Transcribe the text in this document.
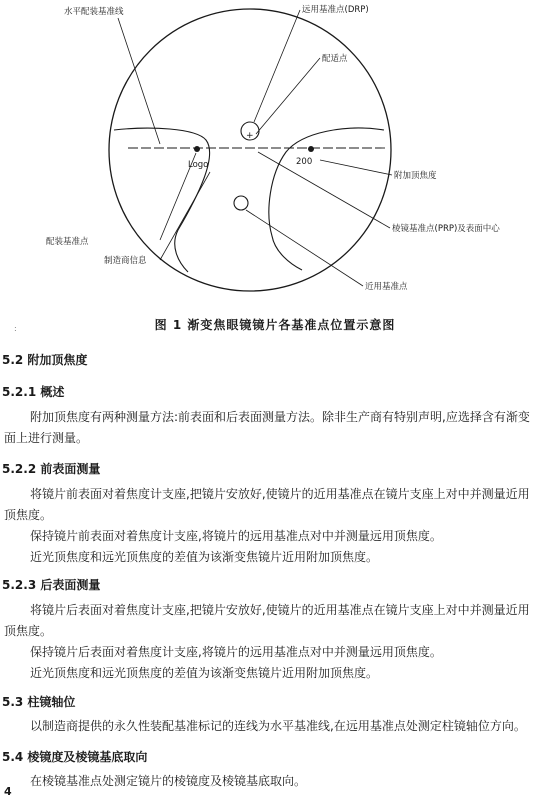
+
水平配装基准线	远用基准点(DRP)
配适点
Logo	200
附加顶焦度
棱镜基准点(PRP)及表面中心
配装基准点
制造商信息
近用基准点
图 1 渐变焦眼镜镜片各基准点位置示意图
:
5.2 附加顶焦度
5.2.1 概述
附加顶焦度有两种测量方法:前表面和后表面测量方法。除非生产商有特别声明,应选择含有渐变
面上进行测量。
5.2.2 前表面测量
将镜片前表面对着焦度计支座,把镜片安放好,使镜片的近用基准点在镜片支座上对中并测量近用
顶焦度。
保持镜片前表面对着焦度计支座,将镜片的远用基准点对中并测量远用顶焦度。
近光顶焦度和远光顶焦度的差值为该渐变焦镜片近用附加顶焦度。
5.2.3 后表面测量
将镜片后表面对着焦度计支座,把镜片安放好,使镜片的近用基准点在镜片支座上对中并测量近用
顶焦度。
保持镜片后表面对着焦度计支座,将镜片的远用基准点对中并测量远用顶焦度。
近光顶焦度和远光顶焦度的差值为该渐变焦镜片近用附加顶焦度。
5.3 柱镜轴位
以制造商提供的永久性装配基准标记的连线为水平基准线,在远用基准点处测定柱镜轴位方向。
5.4 棱镜度及棱镜基底取向
在棱镜基准点处测定镜片的棱镜度及棱镜基底取向。
4
